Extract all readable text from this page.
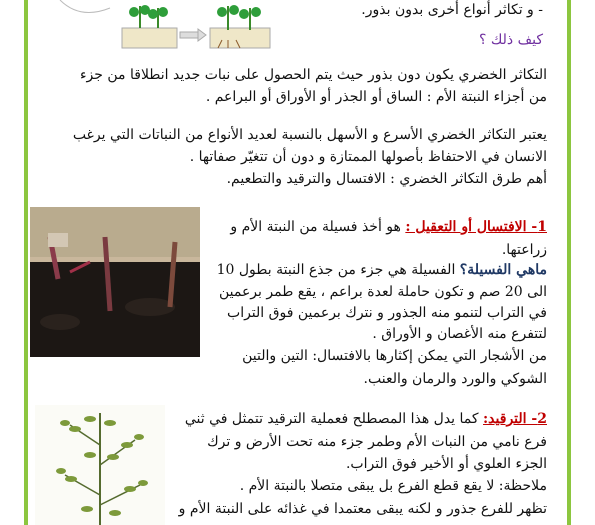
- و تكاثر أنواع أخرى بدون بذور.
كيف ذلك ؟
التكاثر الخضري يكون دون بذور حيث يتم الحصول على نبات جديد انطلاقا من جزء
من أجزاء النبتة الأم : الساق أو الجذر أو الأوراق أو البراعم .
يعتبر التكاثر الخضري الأسرع و الأسهل بالنسبة لعديد الأنواع من النباتات التي يرغب
الانسان في الاحتفاظ بأصولها الممتازة و دون أن تتغيّر صفاتها .
أهم طرق التكاثر الخضري : الافتسال والترقيد والتطعيم.
1- الافتسال أو التعقيل : هو أخذ فسيلة من النبتة الأم و
زراعتها.
ماهي الفسيلة؟ الفسيلة هي جزء من جذع النبتة بطول 10
الى 20 صم و تكون حاملة لعدة براعم ، يقع طمر برعمين
في التراب لتنمو منه الجذور و نترك برعمين فوق التراب
لتتفرع منه الأغصان و الأوراق .
من الأشجار التي يمكن إكثارها بالافتسال: التين والتين
الشوكي والورد والرمان والعنب.
2- الترقيد: كما يدل هذا المصطلح فعملية الترقيد تتمثل في ثني
فرع نامي من النبات الأم وطمر جزء منه تحت الأرض و ترك
الجزء العلوي أو الأخير فوق التراب.
ملاحظة: لا يقع قطع الفرع بل يبقى متصلا بالنبتة الأم .
تظهر للفرع جذور و لكنه يبقى معتمدا في غذائه على النبتة الأم و
